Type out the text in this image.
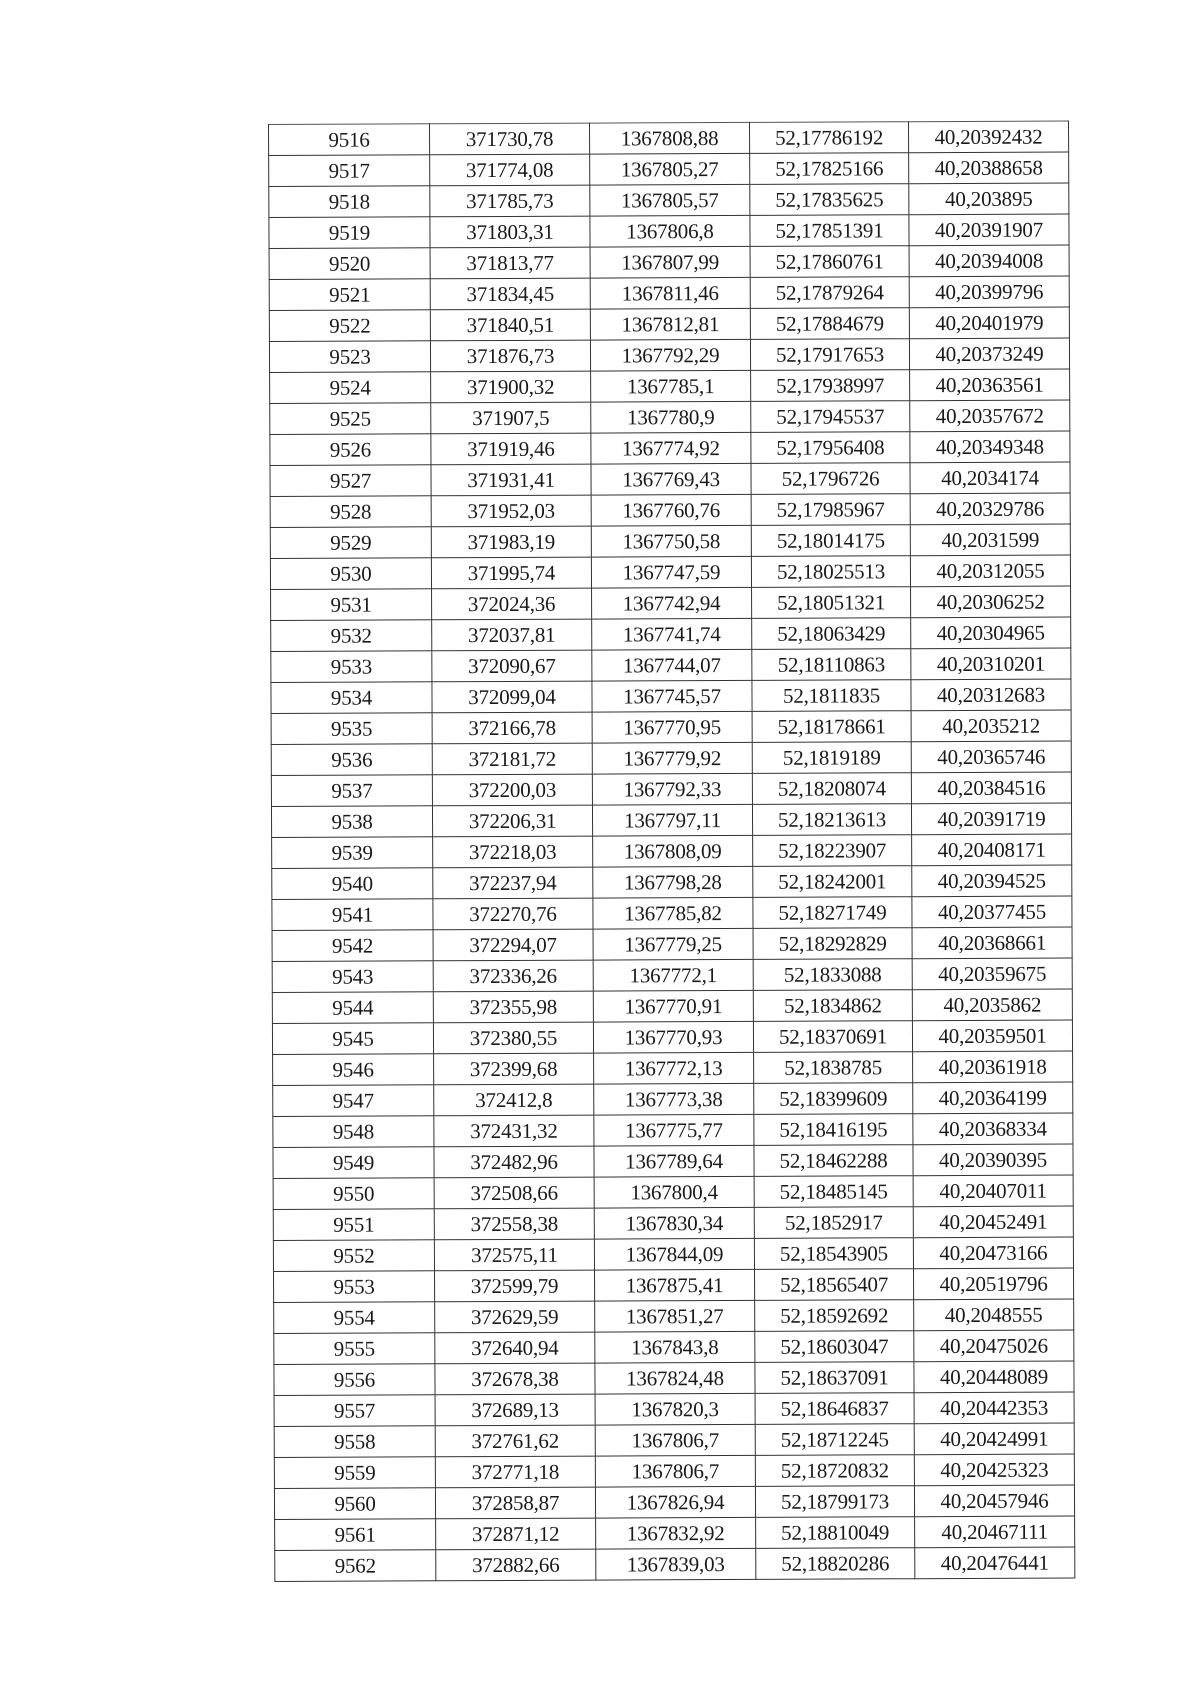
9516	371730,78	1367808,88	52,17786192	40,20392432
9517	371774,08	1367805,27	52,17825166	40,20388658
9518	371785,73	1367805,57	52,17835625	40,203895
9519	371803,31	1367806,8	52,17851391	40,20391907
9520	371813,77	1367807,99	52,17860761	40,20394008
9521	371834,45	1367811,46	52,17879264	40,20399796
9522	371840,51	1367812,81	52,17884679	40,20401979
9523	371876,73	1367792,29	52,17917653	40,20373249
9524	371900,32	1367785,1	52,17938997	40,20363561
9525	371907,5	1367780,9	52,17945537	40,20357672
9526	371919,46	1367774,92	52,17956408	40,20349348
9527	371931,41	1367769,43	52,1796726	40,2034174
9528	371952,03	1367760,76	52,17985967	40,20329786
9529	371983,19	1367750,58	52,18014175	40,2031599
9530	371995,74	1367747,59	52,18025513	40,20312055
9531	372024,36	1367742,94	52,18051321	40,20306252
9532	372037,81	1367741,74	52,18063429	40,20304965
9533	372090,67	1367744,07	52,18110863	40,20310201
9534	372099,04	1367745,57	52,1811835	40,20312683
9535	372166,78	1367770,95	52,18178661	40,2035212
9536	372181,72	1367779,92	52,1819189	40,20365746
9537	372200,03	1367792,33	52,18208074	40,20384516
9538	372206,31	1367797,11	52,18213613	40,20391719
9539	372218,03	1367808,09	52,18223907	40,20408171
9540	372237,94	1367798,28	52,18242001	40,20394525
9541	372270,76	1367785,82	52,18271749	40,20377455
9542	372294,07	1367779,25	52,18292829	40,20368661
9543	372336,26	1367772,1	52,1833088	40,20359675
9544	372355,98	1367770,91	52,1834862	40,2035862
9545	372380,55	1367770,93	52,18370691	40,20359501
9546	372399,68	1367772,13	52,1838785	40,20361918
9547	372412,8	1367773,38	52,18399609	40,20364199
9548	372431,32	1367775,77	52,18416195	40,20368334
9549	372482,96	1367789,64	52,18462288	40,20390395
9550	372508,66	1367800,4	52,18485145	40,20407011
9551	372558,38	1367830,34	52,1852917	40,20452491
9552	372575,11	1367844,09	52,18543905	40,20473166
9553	372599,79	1367875,41	52,18565407	40,20519796
9554	372629,59	1367851,27	52,18592692	40,2048555
9555	372640,94	1367843,8	52,18603047	40,20475026
9556	372678,38	1367824,48	52,18637091	40,20448089
9557	372689,13	1367820,3	52,18646837	40,20442353
9558	372761,62	1367806,7	52,18712245	40,20424991
9559	372771,18	1367806,7	52,18720832	40,20425323
9560	372858,87	1367826,94	52,18799173	40,20457946
9561	372871,12	1367832,92	52,18810049	40,20467111
9562	372882,66	1367839,03	52,18820286	40,20476441
